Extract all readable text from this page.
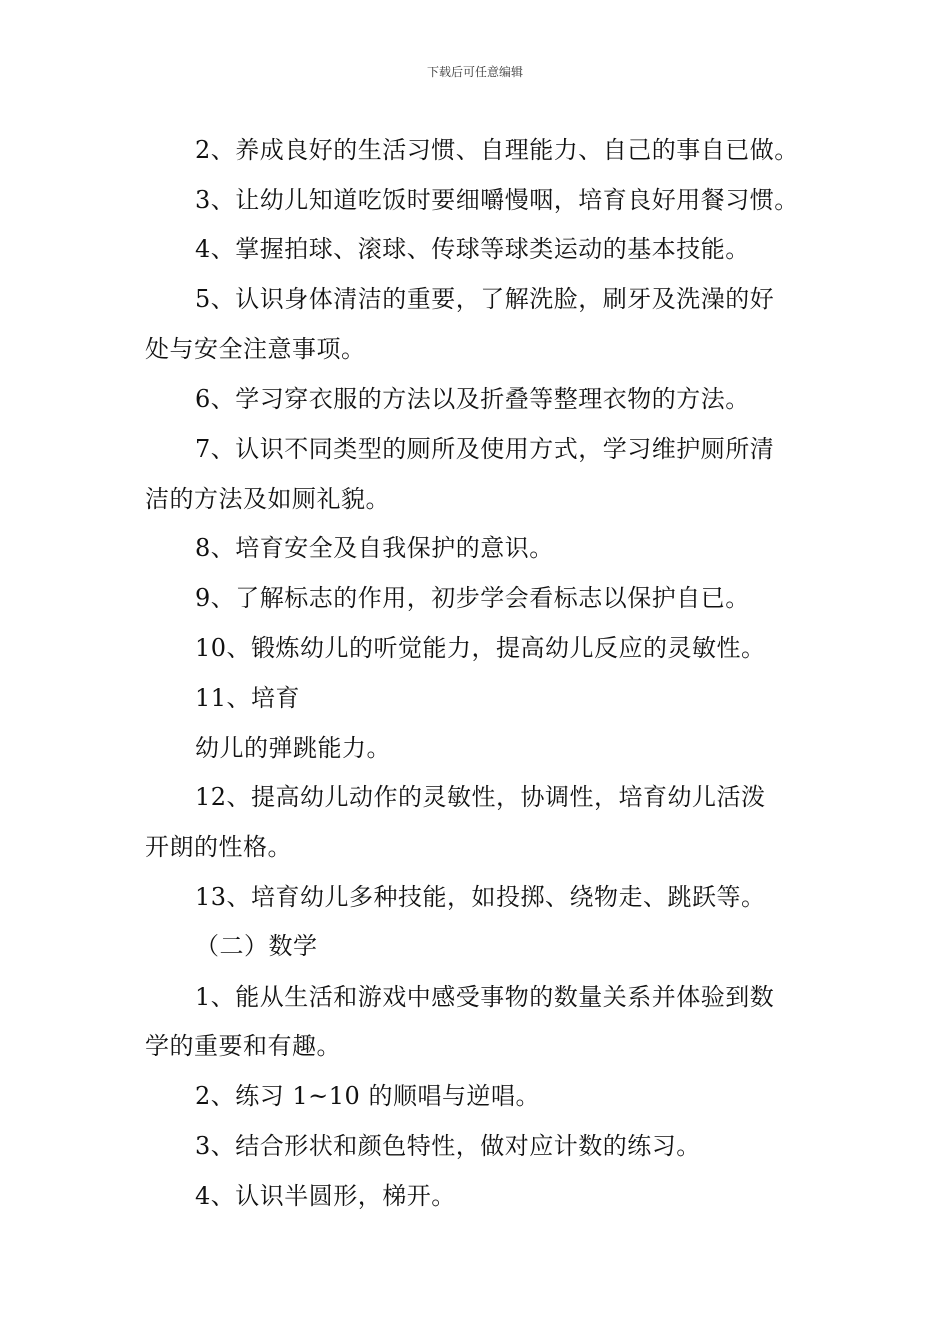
下载后可任意编辑
2、养成良好的生活习惯、自理能力、自己的事自已做。
3、让幼儿知道吃饭时要细嚼慢咽，培育良好用餐习惯。
4、掌握拍球、滚球、传球等球类运动的基本技能。
5、认识身体清洁的重要，了解洗脸，刷牙及洗澡的好
处与安全注意事项。
6、学习穿衣服的方法以及折叠等整理衣物的方法。
7、认识不同类型的厕所及使用方式，学习维护厕所清
洁的方法及如厕礼貌。
8、培育安全及自我保护的意识。
9、了解标志的作用，初步学会看标志以保护自已。
10、锻炼幼儿的听觉能力，提高幼儿反应的灵敏性。
11、培育
幼儿的弹跳能力。
12、提高幼儿动作的灵敏性，协调性，培育幼儿活泼
开朗的性格。
13、培育幼儿多种技能，如投掷、绕物走、跳跃等。
（二）数学
1、能从生活和游戏中感受事物的数量关系并体验到数
学的重要和有趣。
2、练习 1~10 的顺唱与逆唱。
3、结合形状和颜色特性，做对应计数的练习。
4、认识半圆形，梯开。
